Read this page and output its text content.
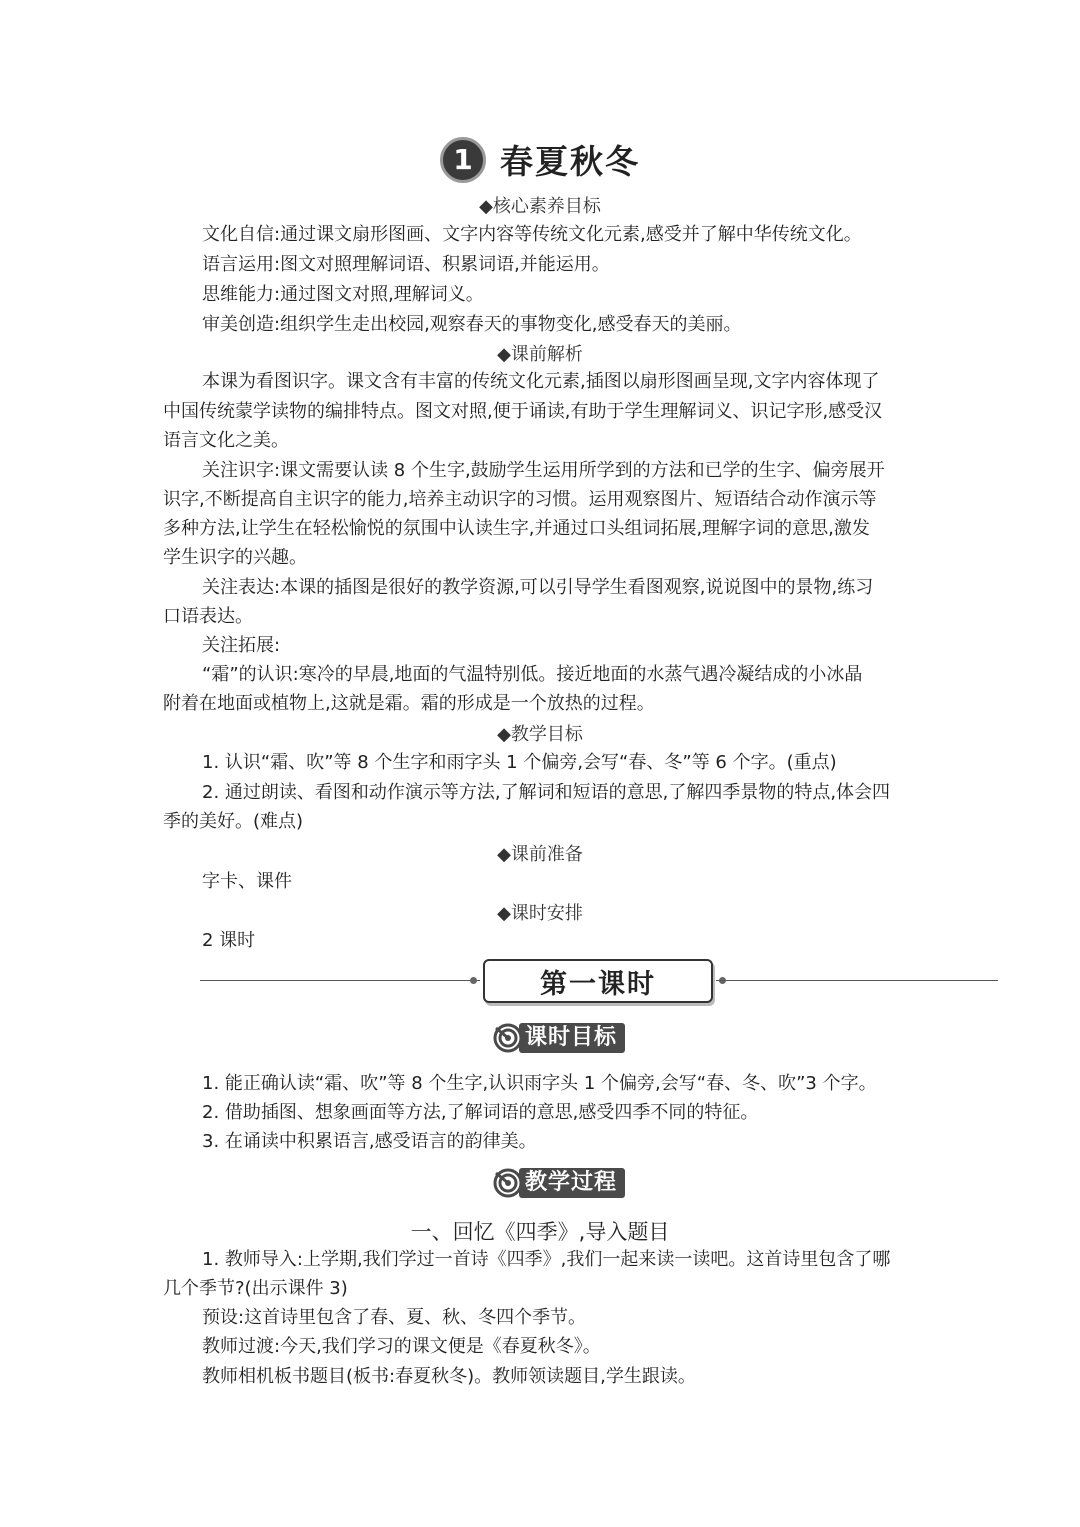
1 春夏秋冬
◆核心素养目标
文化自信:通过课文扇形图画、文字内容等传统文化元素,感受并了解中华传统文化。
语言运用:图文对照理解词语、积累词语,并能运用。
思维能力:通过图文对照,理解词义。
审美创造:组织学生走出校园,观察春天的事物变化,感受春天的美丽。
◆课前解析
本课为看图识字。课文含有丰富的传统文化元素,插图以扇形图画呈现,文字内容体现了
中国传统蒙学读物的编排特点。图文对照,便于诵读,有助于学生理解词义、识记字形,感受汉
语言文化之美。
关注识字:课文需要认读 8 个生字,鼓励学生运用所学到的方法和已学的生字、偏旁展开
识字,不断提高自主识字的能力,培养主动识字的习惯。运用观察图片、短语结合动作演示等
多种方法,让学生在轻松愉悦的氛围中认读生字,并通过口头组词拓展,理解字词的意思,激发
学生识字的兴趣。
关注表达:本课的插图是很好的教学资源,可以引导学生看图观察,说说图中的景物,练习
口语表达。
关注拓展:
“霜”的认识:寒冷的早晨,地面的气温特别低。接近地面的水蒸气遇冷凝结成的小冰晶
附着在地面或植物上,这就是霜。霜的形成是一个放热的过程。
◆教学目标
1. 认识“霜、吹”等 8 个生字和雨字头 1 个偏旁,会写“春、冬”等 6 个字。(重点)
2. 通过朗读、看图和动作演示等方法,了解词和短语的意思,了解四季景物的特点,体会四
季的美好。(难点)
◆课前准备
字卡、课件
◆课时安排
2 课时
第一课时
课时目标
1. 能正确认读“霜、吹”等 8 个生字,认识雨字头 1 个偏旁,会写“春、冬、吹”3 个字。
2. 借助插图、想象画面等方法,了解词语的意思,感受四季不同的特征。
3. 在诵读中积累语言,感受语言的韵律美。
教学过程
一、回忆《四季》,导入题目
1. 教师导入:上学期,我们学过一首诗《四季》,我们一起来读一读吧。这首诗里包含了哪
几个季节?(出示课件 3)
预设:这首诗里包含了春、夏、秋、冬四个季节。
教师过渡:今天,我们学习的课文便是《春夏秋冬》。
教师相机板书题目(板书:春夏秋冬)。教师领读题目,学生跟读。
